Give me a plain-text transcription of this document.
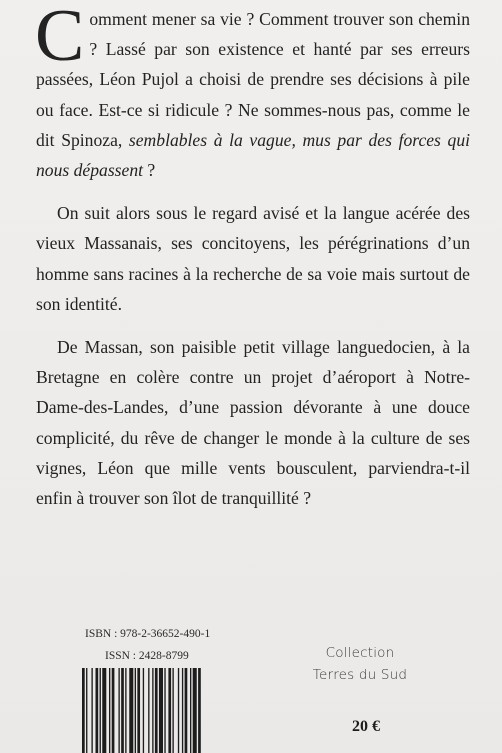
Comment mener sa vie ? Comment trouver son chemin ? Lassé par son existence et hanté par ses erreurs passées, Léon Pujol a choisi de prendre ses décisions à pile ou face. Est-ce si ridicule ? Ne sommes-nous pas, comme le dit Spinoza, semblables à la vague, mus par des forces qui nous dépassent ?

On suit alors sous le regard avisé et la langue acérée des vieux Massanais, ses concitoyens, les pérégrinations d’un homme sans racines à la recherche de sa voie mais surtout de son identité.

De Massan, son paisible petit village languedocien, à la Bretagne en colère contre un projet d’aéroport à Notre-Dame-des-Landes, d’une passion dévorante à une douce complicité, du rêve de changer le monde à la culture de ses vignes, Léon que mille vents bousculent, parviendra-t-il enfin à trouver son îlot de tranquillité ?

ISBN : 978-2-36652-490-1
ISSN : 2428-8799	Collection
Terres du Sud
20 €
